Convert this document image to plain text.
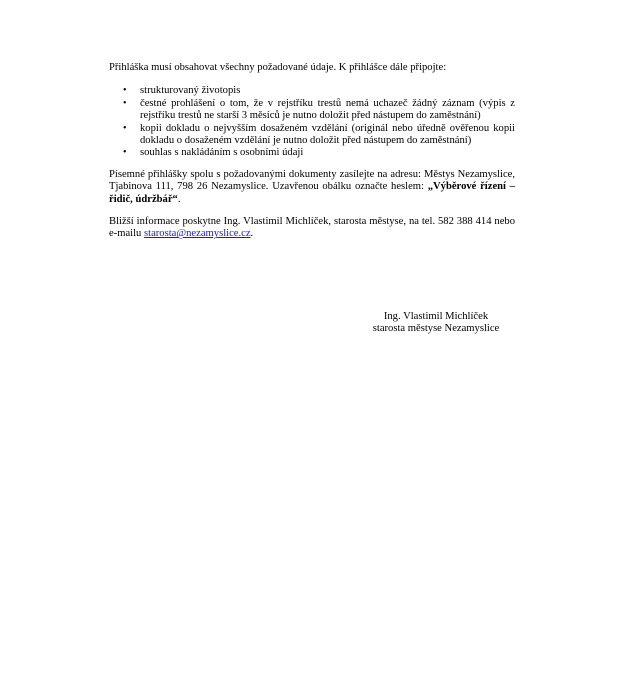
Přihláška musí obsahovat všechny požadované údaje. K přihlášce dále připojte:

• strukturovaný životopis
• čestné prohlášení o tom, že v rejstříku trestů nemá uchazeč žádný záznam (výpis z rejstříku trestů ne starší 3 měsíců je nutno doložit před nástupem do zaměstnání)
• kopii dokladu o nejvyšším dosaženém vzdělání (originál nebo úředně ověřenou kopii dokladu o dosaženém vzdělání je nutno doložit před nástupem do zaměstnání)
• souhlas s nakládáním s osobními údaji

Písemné přihlášky spolu s požadovanými dokumenty zasílejte na adresu: Městys Nezamyslice, Tjabinova 111, 798 26 Nezamyslice. Uzavřenou obálku označte heslem: „Výběrové řízení – řidič, údržbář“.

Bližší informace poskytne Ing. Vlastimil Michlíček, starosta městyse, na tel. 582 388 414 nebo e-mailu starosta@nezamyslice.cz.

Ing. Vlastimil Michlíček
starosta městyse Nezamyslice
